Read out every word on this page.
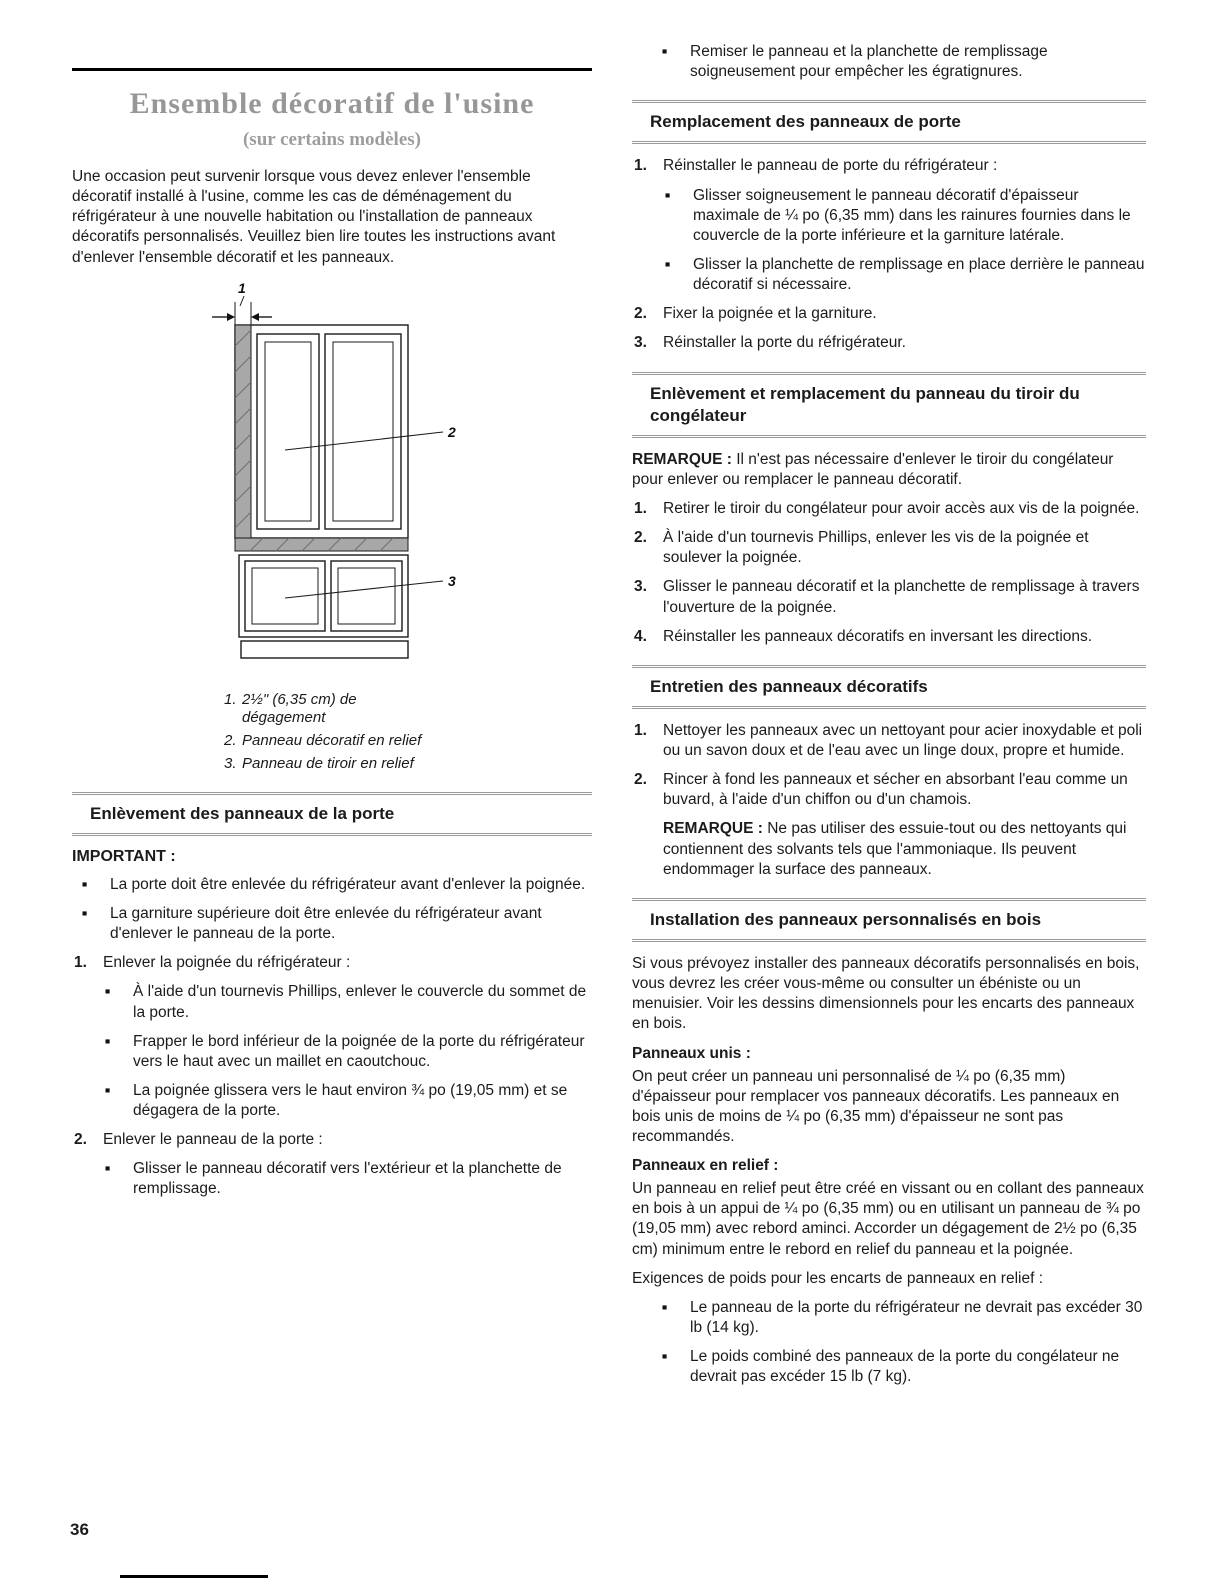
Ensemble décoratif de l'usine
(sur certains modèles)

Une occasion peut survenir lorsque vous devez enlever l'ensemble décoratif installé à l'usine, comme les cas de déménagement du réfrigérateur à une nouvelle habitation ou l'installation de panneaux décoratifs personnalisés. Veuillez bien lire toutes les instructions avant d'enlever l'ensemble décoratif et les panneaux.

1
2
3
1. 2½" (6,35 cm) de dégagement
2. Panneau décoratif en relief
3. Panneau de tiroir en relief
Enlèvement des panneaux de la porte
IMPORTANT :
■ La porte doit être enlevée du réfrigérateur avant d'enlever la poignée.
■ La garniture supérieure doit être enlevée du réfrigérateur avant d'enlever le panneau de la porte.
1. Enlever la poignée du réfrigérateur :
■ À l'aide d'un tournevis Phillips, enlever le couvercle du sommet de la porte.
■ Frapper le bord inférieur de la poignée de la porte du réfrigérateur vers le haut avec un maillet en caoutchouc.
■ La poignée glissera vers le haut environ ¾ po (19,05 mm) et se dégagera de la porte.
2. Enlever le panneau de la porte :
■ Glisser le panneau décoratif vers l'extérieur et la planchette de remplissage.
■ Remiser le panneau et la planchette de remplissage soigneusement pour empêcher les égratignures.
Remplacement des panneaux de porte
1. Réinstaller le panneau de porte du réfrigérateur :
■ Glisser soigneusement le panneau décoratif d'épaisseur maximale de ¼ po (6,35 mm) dans les rainures fournies dans le couvercle de la porte inférieure et la garniture latérale.
■ Glisser la planchette de remplissage en place derrière le panneau décoratif si nécessaire.
2. Fixer la poignée et la garniture.
3. Réinstaller la porte du réfrigérateur.
Enlèvement et remplacement du panneau du tiroir du congélateur

REMARQUE : Il n'est pas nécessaire d'enlever le tiroir du congélateur pour enlever ou remplacer le panneau décoratif.

1. Retirer le tiroir du congélateur pour avoir accès aux vis de la poignée.
2. À l'aide d'un tournevis Phillips, enlever les vis de la poignée et soulever la poignée.
3. Glisser le panneau décoratif et la planchette de remplissage à travers l'ouverture de la poignée.
4. Réinstaller les panneaux décoratifs en inversant les directions.
Entretien des panneaux décoratifs
1. Nettoyer les panneaux avec un nettoyant pour acier inoxydable et poli ou un savon doux et de l'eau avec un linge doux, propre et humide.
2. Rincer à fond les panneaux et sécher en absorbant l'eau comme un buvard, à l'aide d'un chiffon ou d'un chamois.

REMARQUE : Ne pas utiliser des essuie-tout ou des nettoyants qui contiennent des solvants tels que l'ammoniaque. Ils peuvent endommager la surface des panneaux.

Installation des panneaux personnalisés en bois

Si vous prévoyez installer des panneaux décoratifs personnalisés en bois, vous devrez les créer vous-même ou consulter un ébéniste ou un menuisier. Voir les dessins dimensionnels pour les encarts des panneaux en bois.

Panneaux unis :

On peut créer un panneau uni personnalisé de ¼ po (6,35 mm) d'épaisseur pour remplacer vos panneaux décoratifs. Les panneaux en bois unis de moins de ¼ po (6,35 mm) d'épaisseur ne sont pas recommandés.

Panneaux en relief :

Un panneau en relief peut être créé en vissant ou en collant des panneaux en bois à un appui de ¼ po (6,35 mm) ou en utilisant un panneau de ¾ po (19,05 mm) avec rebord aminci. Accorder un dégagement de 2½ po (6,35 cm) minimum entre le rebord en relief du panneau et la poignée.

Exigences de poids pour les encarts de panneaux en relief :

■ Le panneau de la porte du réfrigérateur ne devrait pas excéder 30 lb (14 kg).
■ Le poids combiné des panneaux de la porte du congélateur ne devrait pas excéder 15 lb (7 kg).
36
